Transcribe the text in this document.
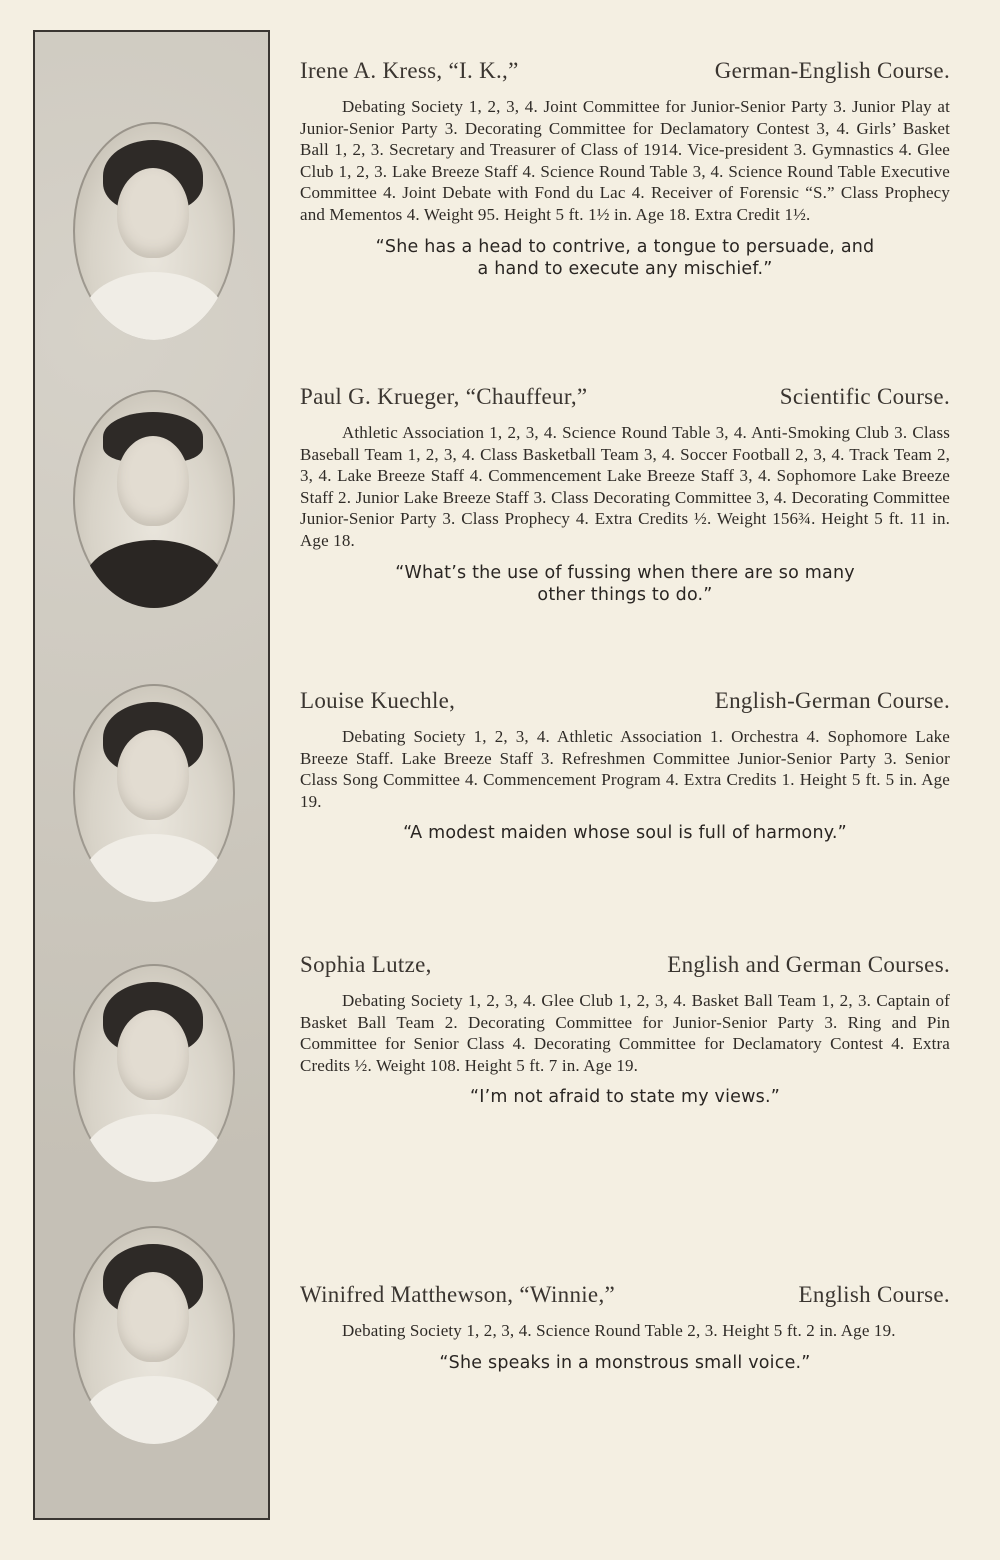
Irene A. Kress, “I. K.,”	German-English Course.
Debating Society 1, 2, 3, 4. Joint Committee for Junior-Senior Party 3. Junior Play at Junior-Senior Party 3. Decorating Committee for Declamatory Contest 3, 4. Girls’ Basket Ball 1, 2, 3. Secretary and Treasurer of Class of 1914. Vice-president 3. Gymnastics 4. Glee Club 1, 2, 3. Lake Breeze Staff 4. Science Round Table 3, 4. Science Round Table Executive Committee 4. Joint Debate with Fond du Lac 4. Receiver of Forensic “S.” Class Prophecy and Mementos 4. Weight 95. Height 5 ft. 1½ in. Age 18. Extra Credit 1½.
“She has a head to contrive, a tongue to persuade, and
a hand to execute any mischief.”
Paul G. Krueger, “Chauffeur,”	Scientific Course.
Athletic Association 1, 2, 3, 4. Science Round Table 3, 4. Anti-Smoking Club 3. Class Baseball Team 1, 2, 3, 4. Class Basketball Team 3, 4. Soccer Football 2, 3, 4. Track Team 2, 3, 4. Lake Breeze Staff 4. Commencement Lake Breeze Staff 3, 4. Sophomore Lake Breeze Staff 2. Junior Lake Breeze Staff 3. Class Decorating Committee 3, 4. Decorating Committee Junior-Senior Party 3. Class Prophecy 4. Extra Credits ½. Weight 156¾. Height 5 ft. 11 in. Age 18.
“What’s the use of fussing when there are so many
other things to do.”
Louise Kuechle,	English-German Course.
Debating Society 1, 2, 3, 4. Athletic Association 1. Orchestra 4. Sophomore Lake Breeze Staff. Lake Breeze Staff 3. Refreshmen Committee Junior-Senior Party 3. Senior Class Song Committee 4. Commencement Program 4. Extra Credits 1. Height 5 ft. 5 in. Age 19.
“A modest maiden whose soul is full of harmony.”
Sophia Lutze,	English and German Courses.
Debating Society 1, 2, 3, 4. Glee Club 1, 2, 3, 4. Basket Ball Team 1, 2, 3. Captain of Basket Ball Team 2. Decorating Committee for Junior-Senior Party 3. Ring and Pin Committee for Senior Class 4. Decorating Committee for Declamatory Contest 4. Extra Credits ½. Weight 108. Height 5 ft. 7 in. Age 19.
“I’m not afraid to state my views.”
Winifred Matthewson, “Winnie,”	English Course.
Debating Society 1, 2, 3, 4. Science Round Table 2, 3. Height 5 ft. 2 in. Age 19.
“She speaks in a monstrous small voice.”
